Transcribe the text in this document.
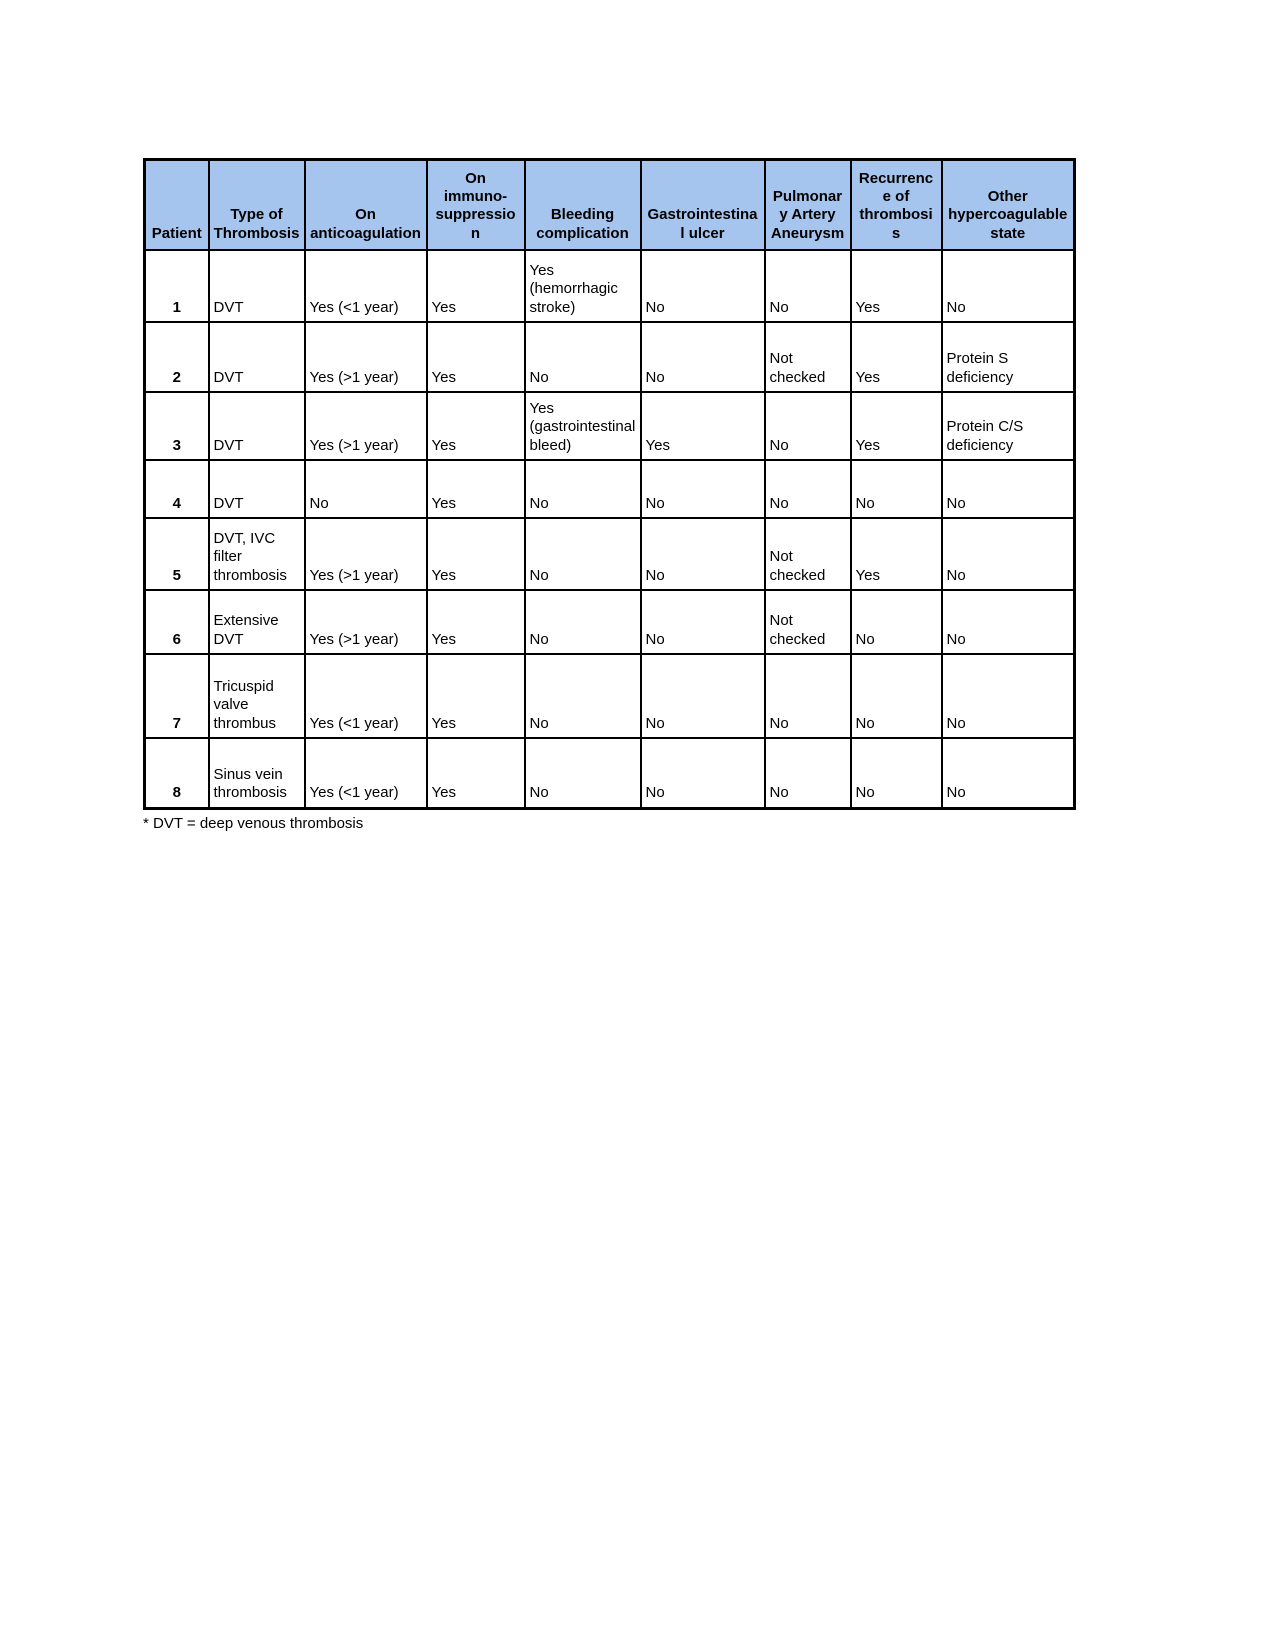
Patient	Type of Thrombosis	On anticoagulation	On immuno-suppression	Bleeding complication	Gastrointestinal ulcer	Pulmonary Artery Aneurysm	Recurrence of thrombosis	Other hypercoagulable state
1	DVT	Yes (<1 year)	Yes	Yes (hemorrhagic stroke)	No	No	Yes	No
2	DVT	Yes (>1 year)	Yes	No	No	Not checked	Yes	Protein S deficiency
3	DVT	Yes (>1 year)	Yes	Yes (gastrointestinal bleed)	Yes	No	Yes	Protein C/S deficiency
4	DVT	No	Yes	No	No	No	No	No
5	DVT, IVC filter thrombosis	Yes (>1 year)	Yes	No	No	Not checked	Yes	No
6	Extensive DVT	Yes (>1 year)	Yes	No	No	Not checked	No	No
7	Tricuspid valve thrombus	Yes (<1 year)	Yes	No	No	No	No	No
8	Sinus vein thrombosis	Yes (<1 year)	Yes	No	No	No	No	No
* DVT = deep venous thrombosis
